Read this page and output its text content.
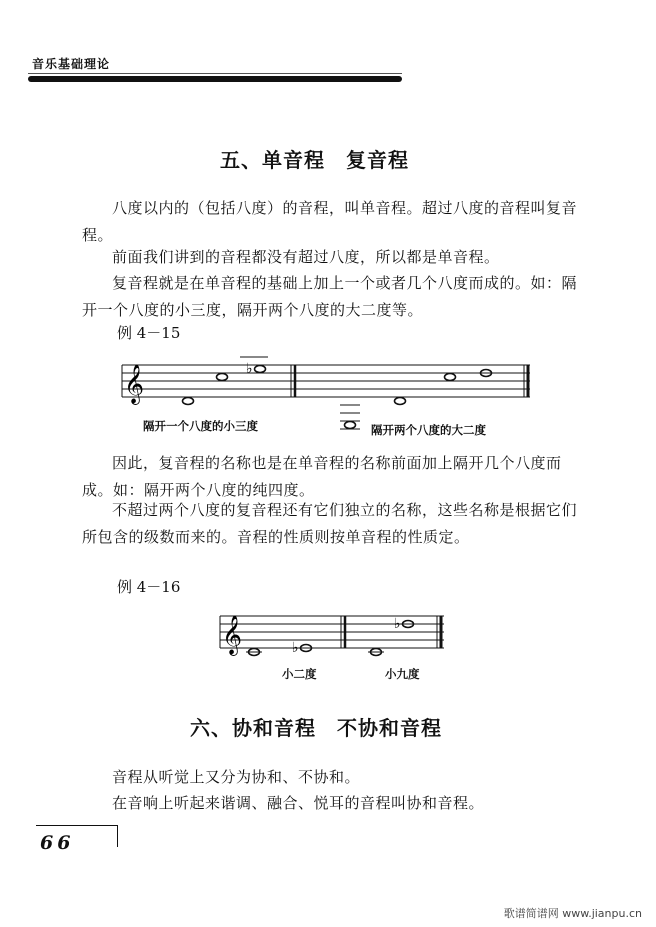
音乐基础理论
五、单音程　复音程
八度以内的（包括八度）的音程，叫单音程。超过八度的音程叫复音程。
前面我们讲到的音程都没有超过八度，所以都是单音程。
复音程就是在单音程的基础上加上一个或者几个八度而成的。如：隔开一个八度的小三度，隔开两个八度的大二度等。
例 4－15
𝄞	♭
隔开一个八度的小三度	隔开两个八度的大二度
因此，复音程的名称也是在单音程的名称前面加上隔开几个八度而成。如：隔开两个八度的纯四度。
不超过两个八度的复音程还有它们独立的名称，这些名称是根据它们所包含的级数而来的。音程的性质则按单音程的性质定。
例 4－16
𝄞	♭
♭
小二度	小九度
六、协和音程　不协和音程
音程从听觉上又分为协和、不协和。
在音响上听起来谐调、融合、悦耳的音程叫协和音程。
66
歌谱简谱网 www.jianpu.cn
